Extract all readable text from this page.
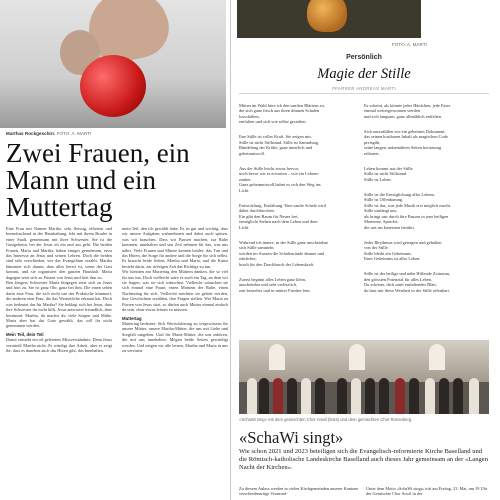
Marthas Rockgeschirr. FOTO: A. MARTI
FOTO: A. MARTI
Zwei Frauen, ein Mann und ein Muttertag

Eine Frau mit Namen Martha, sehr fleissig, effizient und beeindruckend in der Haushaltung, lebt mit ihrem Bruder in einer Stadt, gemeinsam mit ihrer Schwester. Sie ist die Gastgeberin, bei der Jesus oft ein und aus geht. Die beiden Frauen, Maria und Martha, haben einiges gemeinsam, etwa das Interesse an Jesus und seinen Lehren. Doch die beiden sind sehr verschieden, wie das Evangelium erzählt. Martha kümmert sich darum, dass alles bereit ist, wenn der Gast kommt, und sie organisiert den ganzen Haushalt. Maria dagegen setzt sich zu Füssen von Jesus und hört ihm zu.

Ben Jüngers Schwester Maria hingegen setzt sich zu Jesus und hört zu. Sie ist ganz Ohr, ganz bei ihm. Die einen sehen darin eine Frau, die sich nicht um das Praktische kümmert, die anderen eine Frau, die das Wesentliche erkannt hat. Doch was bedeutet das für Martha? Sie beklagt sich bei Jesus, dass ihre Schwester ihr nicht hilft. Jesus antwortet freundlich, aber bestimmt: Martha, du machst dir viele Sorgen und Mühe. Maria aber hat das Gute gewählt, das soll ihr nicht genommen werden.

Mein Teil, dein Teil

Damit entsteht ein oft gelesenes Missverständnis: Denn Jesus verurteilt Martha nicht. Er würdigt ihre Arbeit, aber er zeigt ihr, dass es daneben auch das Hören gibt, das Innehalten.

mein Teil, den ich gewählt habe. Es ist gut und wichtig, dass wir unsere Aufgaben wahrnehmen und dabei auch spüren, was wir brauchen. Dass wir Pausen machen, zur Ruhe kommen, innehalten und uns Zeit nehmen für das, was uns nährt. Viele Frauen und Mütter kennen beides: das Tun und das Hören, die Sorge für andere und die Sorge für sich selbst. Es braucht beide Seiten, Martha und Maria, und die Kunst besteht darin, zur richtigen Zeit das Richtige zu tun.

Wir könnten am Muttertag den Müttern danken, die so viel für uns tun. Doch vielleicht wäre es auch ein Tag, an dem wir sie fragen, was sie sich wünschen. Vielleicht wünschen sie sich einmal eine Pause, einen Moment der Ruhe, einen Nachmittag für sich. Vielleicht möchten sie gehört werden, ihre Geschichten erzählen, ihre Fragen stellen. Wie Maria zu Füssen von Jesus sitzt, so dürfen auch Mütter einmal einfach da sein, ohne etwas leisten zu müssen.

Muttertag

Muttertag bedeutet: Sich Wertschätzung zu vergewissern für unsere Mütter, unsere Martha-Mütter, die uns mit Liebe und Sorgfalt umgeben. Und für Maria-Mütter, die uns zuhören, die mit uns innehalten. Mögen beide Seiten gewürdigt werden. Und mögen wir alle lernen, Martha und Maria in uns zu vereinen.

Persönlich
Magie der Stille
PFARRER ANDREAS MARTI

Mitten im Wald höre ich den sanften Blättern zu,
die sich ganz frisch aus ihren dünnen Schalen
losschälten,
entfalten und sich wie selbst gestalten.

Ihre Stille ist voller Kraft. Sie zeigen mir,
Stille ist nicht Stillstand. Stille ist Sammlung,
Bündelung der Kräfte, ganz innerlich und
geheimnisvoll.

Aus der Stille bricht etwas hervor,
noch bevor wir es erwarten – wie ein Lebens-
zauber.
Ganz geheimnisvoll bahnt es sich den Weg ins
Licht.

Entwicklung, Entfaltung. Eine sanfte Schale wird
dabei durchbrochen.
Ein gibt den Raum für Neues frei,
ermöglicht Stehen nach dem Leben und dem
Licht.

Während ich innere, in der Stille ganz unscheinbar
sich Stille sammeln,
werden im Auszen die Schalenründe dünner und
zärtlicher,
brach für den Durchbruch der Lebenskraft.

Zuerst beginnt alles Leben ganz klein,
unscheinbar und sehr verletzlich,
zart beseelter und in mütter Frieden fein.

Es scheint, als könnte jedes Häufchen, jede Faser
einmal weitergewonnen werden
und sich langsam, ganz allmählich entfalten.

Sich auszufüllen wie ein geheimes Dokument,
das seinen kostbaren Inhalt als magischen Code
preisgibt,
seine langen, unbemühten Seiten breitarmig
erläutert.

Leben kommt aus der Stille.
Stille ist nicht Stillstand.
Stille ist Leben.

Stille ist die Ermöglichung alles Lebens.
Stille ist Offenbarung.
Stille ist das, was jede Musik erst möglich macht.
Stille umfängt uns,
als bringt uns durch ihre Pausen in jene heiligen
Momente, Sprüche,
die uns ins Innersten berührt.

Jeder Rhythmus wird getragen und gehalten
von der Stille.
Stille bleibt ein Geheimnis.
Ihres Geheimnis ist alles Leben.

Stille ist der heilige und nahe Hilfende Zeitraum,
den grössten Potenzial für alles Leben.
Du schönes, dich sanft entfaltendes Blatt,
du hast mir diese Weisheit in der Stille offenbart.

«SchaWi sing» mit dem gemischten Chor Arwiil (links) und dem gemischten Chor Rünenberg.
«SchaWi singt»
Wie schon 2021 und 2023 beteiligen sich die Evangelisch-reformierte Kirche Baselland und die Römisch-katholische Landeskirche Baselland auch dieses Jahr gemeinsam an der «Langen Nacht der Kirchen».
Zu diesem Anlass werden in vielen Kirchgemeinden unserer Kantone verschiedenartige Veranstal-
Unter dem Motto «SchaWi singt» tritt am Freitag, 23. Mai, um 19 Uhr der Gemischte Chor Arwil in der
